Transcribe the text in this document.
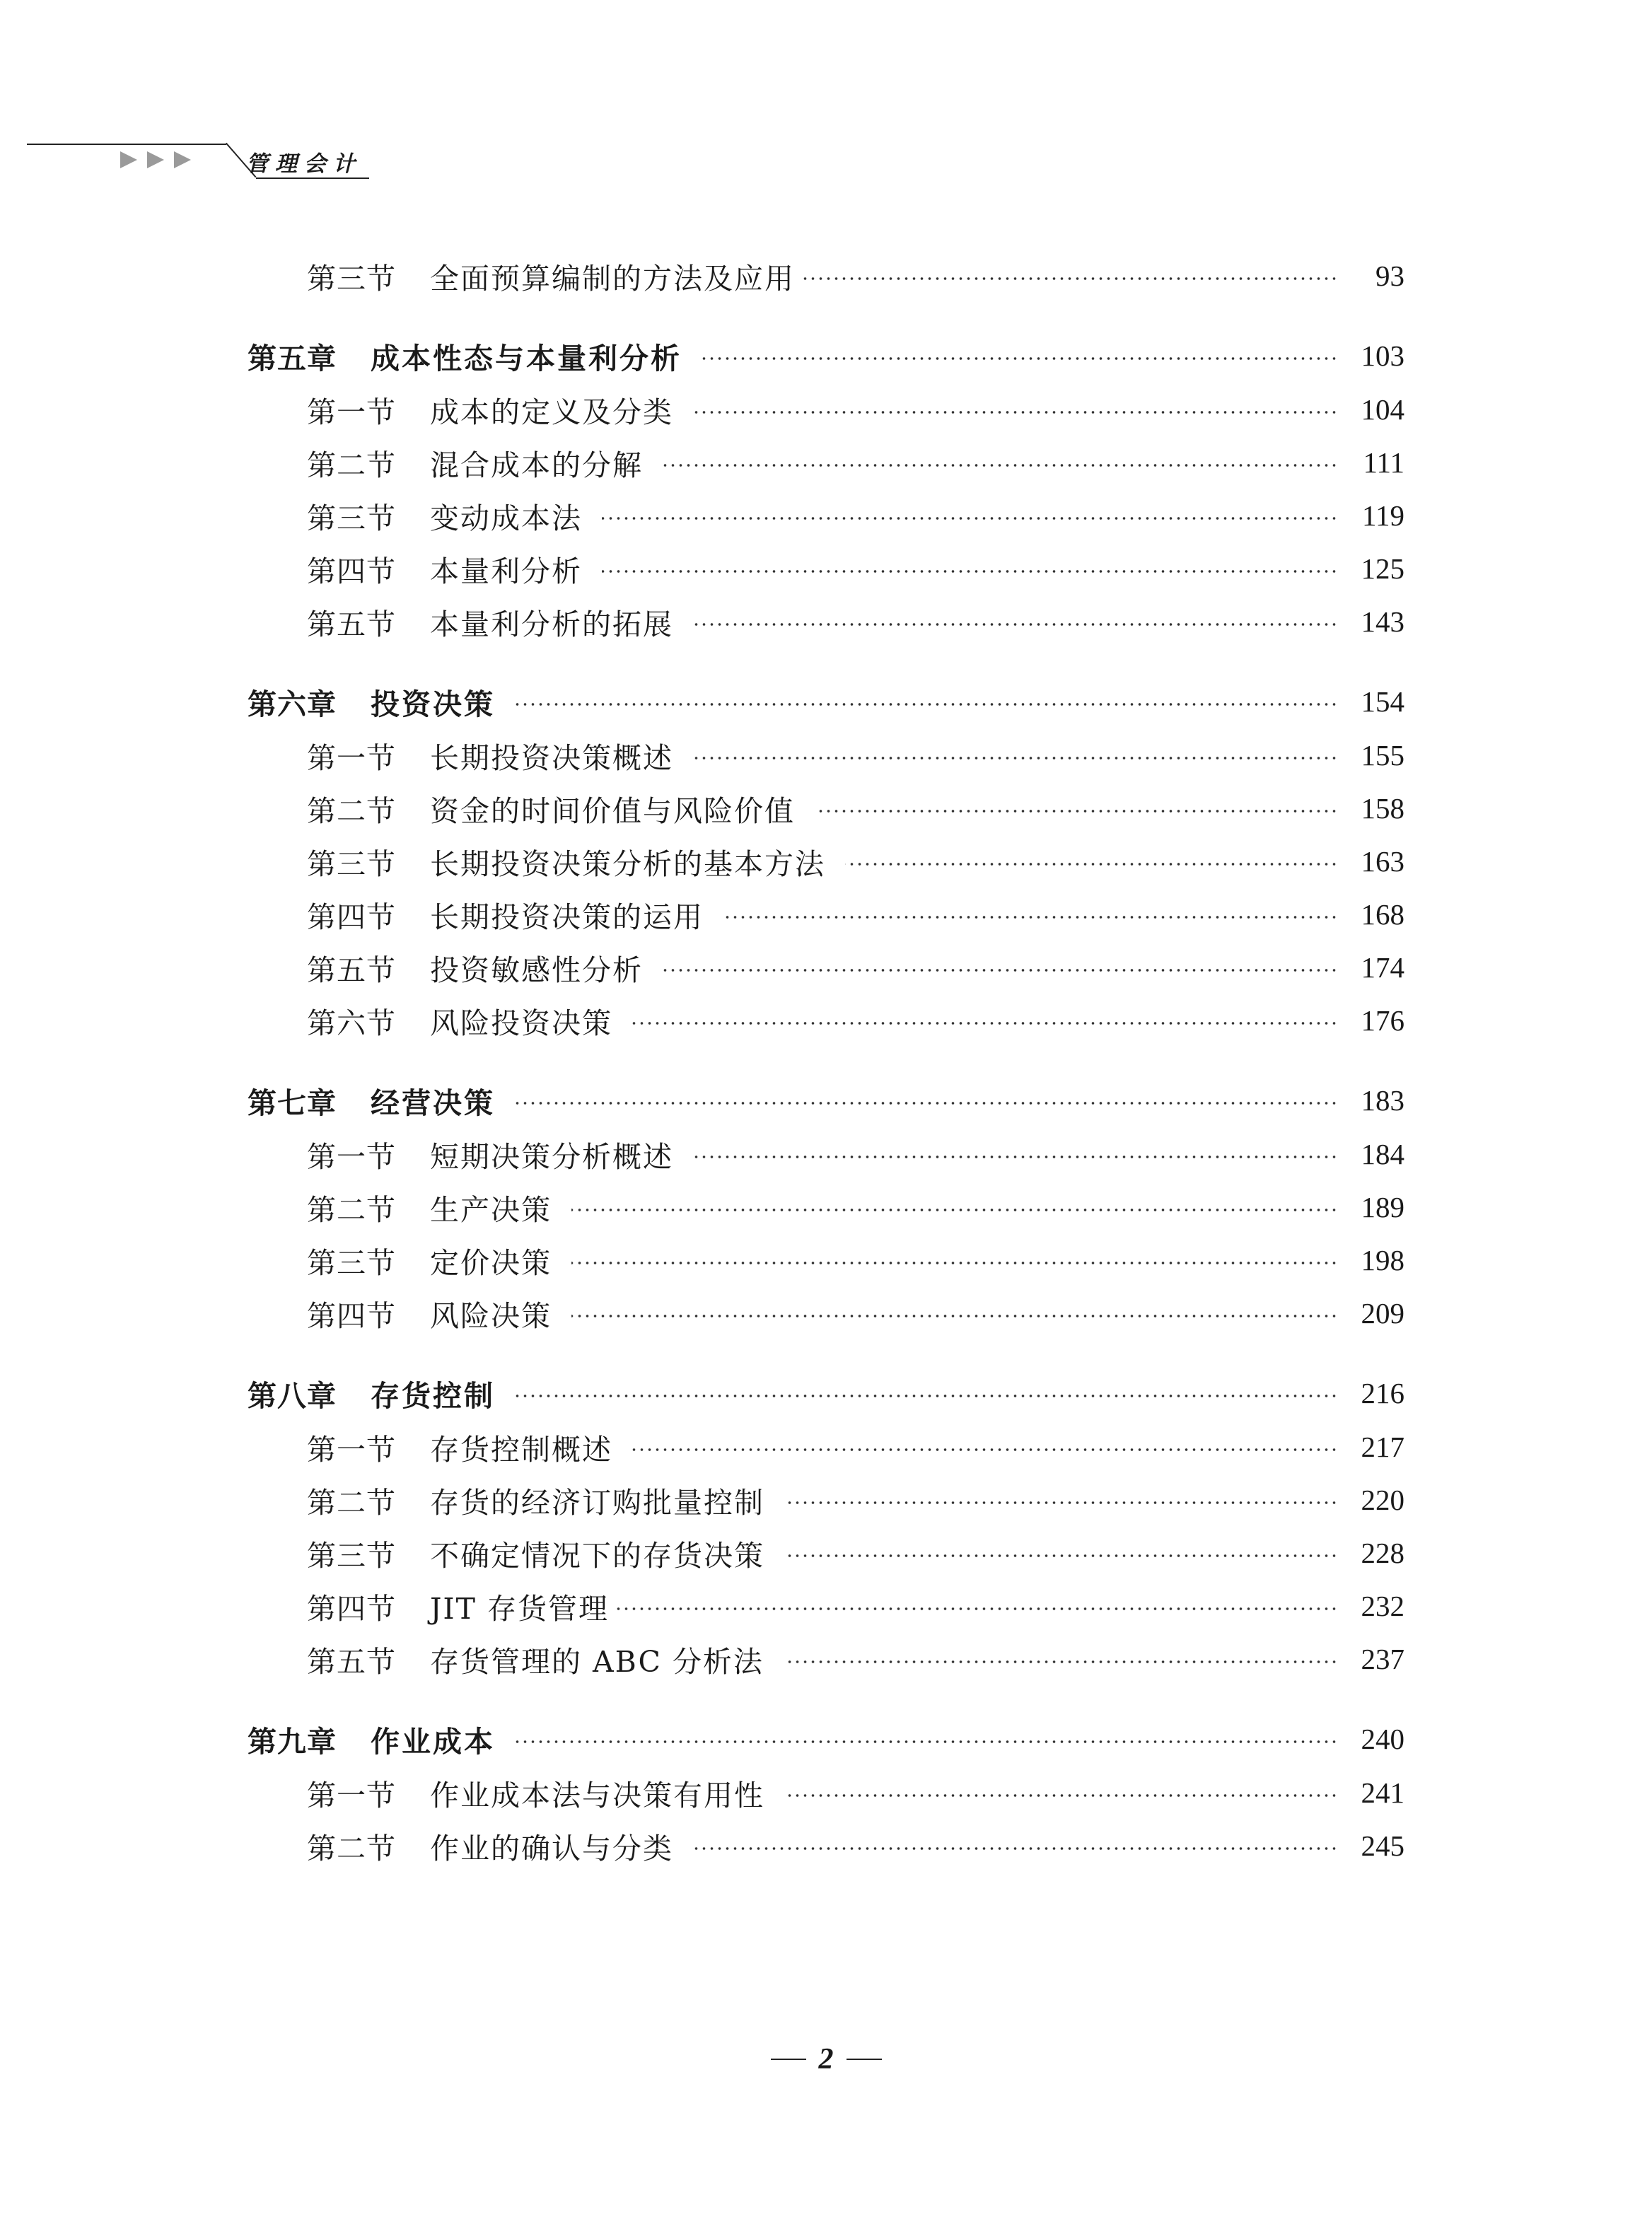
管理会计
第三节	全面预算编制的方法及应用	93
第五章	成本性态与本量利分析	103
第一节	成本的定义及分类	104
第二节	混合成本的分解	111
第三节	变动成本法	119
第四节	本量利分析	125
第五节	本量利分析的拓展	143
第六章	投资决策	154
第一节	长期投资决策概述	155
第二节	资金的时间价值与风险价值	158
第三节	长期投资决策分析的基本方法	163
第四节	长期投资决策的运用	168
第五节	投资敏感性分析	174
第六节	风险投资决策	176
第七章	经营决策	183
第一节	短期决策分析概述	184
第二节	生产决策	189
第三节	定价决策	198
第四节	风险决策	209
第八章	存货控制	216
第一节	存货控制概述	217
第二节	存货的经济订购批量控制	220
第三节	不确定情况下的存货决策	228
第四节	JIT 存货管理	232
第五节	存货管理的 ABC 分析法	237
第九章	作业成本	240
第一节	作业成本法与决策有用性	241
第二节	作业的确认与分类	245
2
